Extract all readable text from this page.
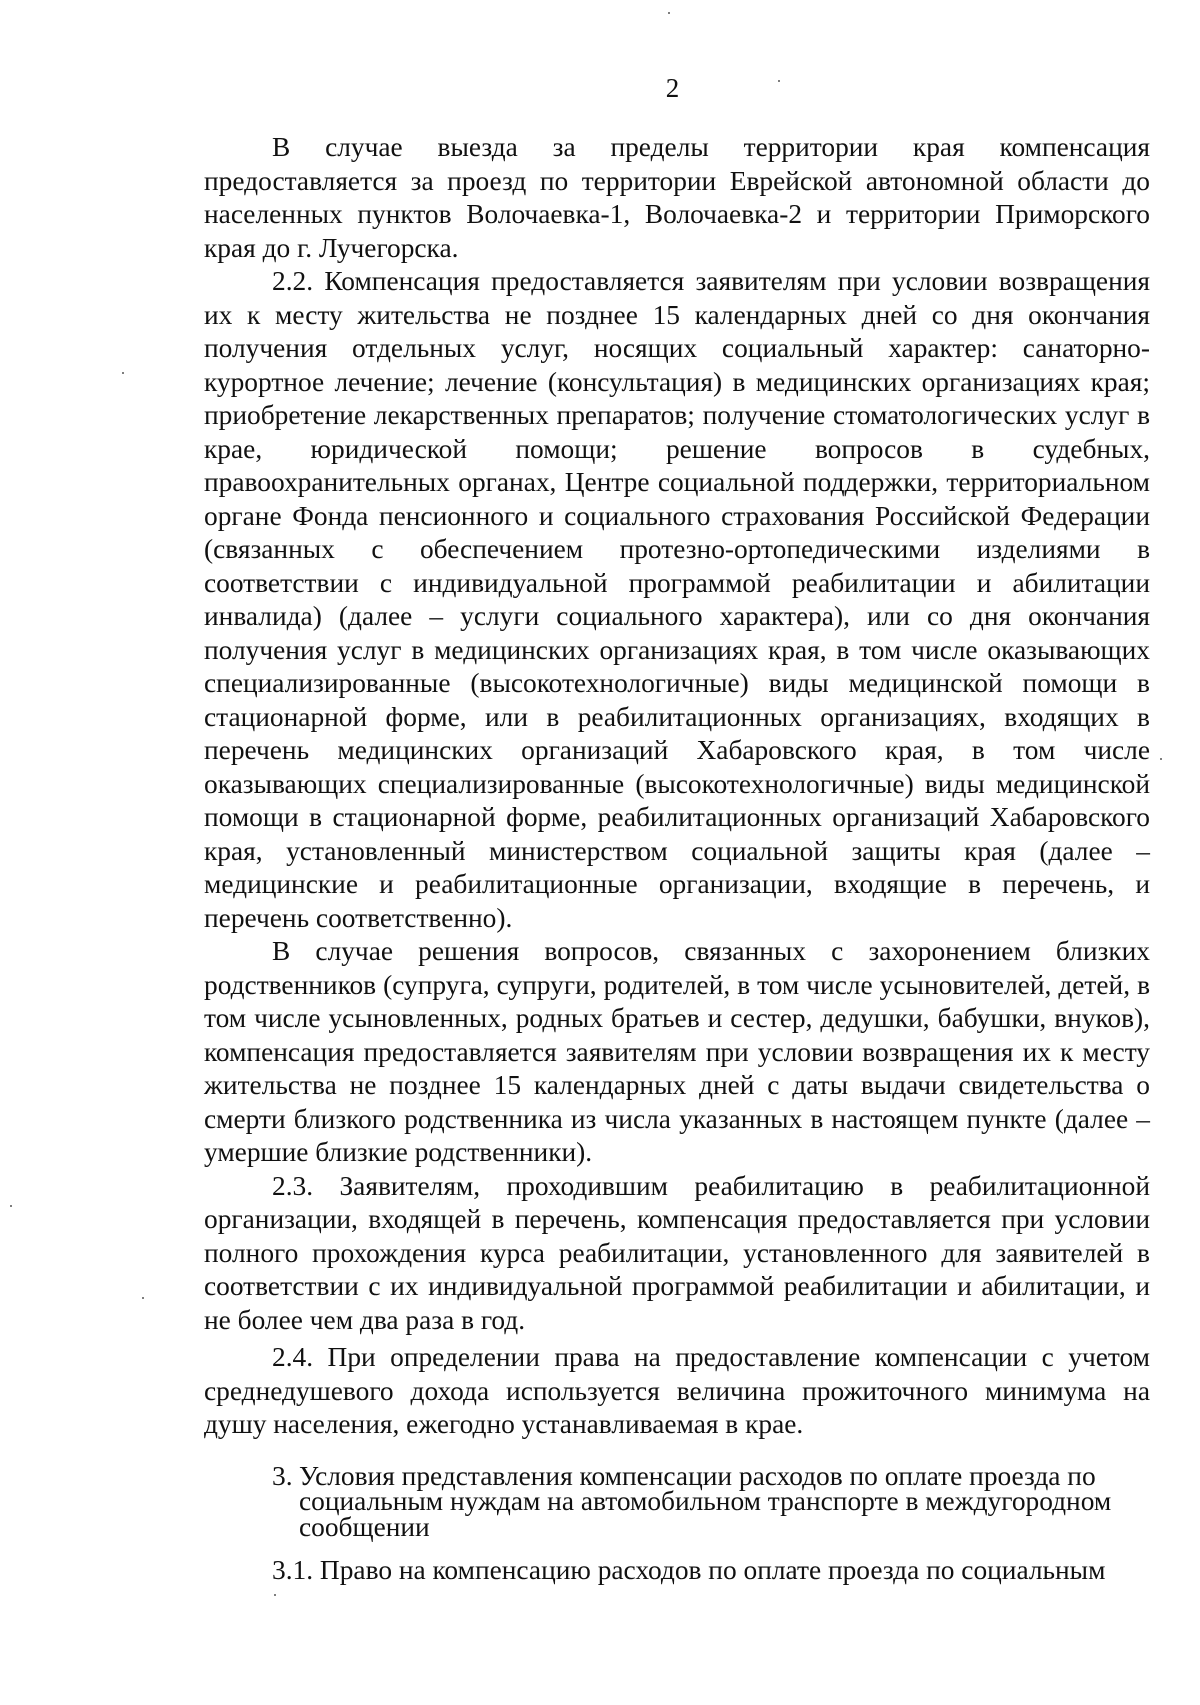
2

В случае выезда за пределы территории края компенсация предоставляется за проезд по территории Еврейской автономной области до населенных пунктов Волочаевка-1, Волочаевка-2 и территории Приморского края до г. Лучегорска.

2.2. Компенсация предоставляется заявителям при условии возвращения их к месту жительства не позднее 15 календарных дней со дня окончания получения отдельных услуг, носящих социальный характер: санаторно-курортное лечение; лечение (консультация) в медицинских организациях края; приобретение лекарственных препаратов; получение стоматологических услуг в крае, юридической помощи; решение вопросов в судебных, правоохранительных органах, Центре социальной поддержки, территориальном органе Фонда пенсионного и социального страхования Российской Федерации (связанных с обеспечением протезно-ортопедическими изделиями в соответствии с индивидуальной программой реабилитации и абилитации инвалида) (далее – услуги социального характера), или со дня окончания получения услуг в медицинских организациях края, в том числе оказывающих специализированные (высокотехнологичные) виды медицинской помощи в стационарной форме, или в реабилитационных организациях, входящих в перечень медицинских организаций Хабаровского края, в том числе оказывающих специализированные (высокотехнологичные) виды медицинской помощи в стационарной форме, реабилитационных организаций Хабаровского края, установленный министерством социальной защиты края (далее – медицинские и реабилитационные организации, входящие в перечень, и перечень соответственно).

В случае решения вопросов, связанных с захоронением близких родственников (супруга, супруги, родителей, в том числе усыновителей, детей, в том числе усыновленных, родных братьев и сестер, дедушки, бабушки, внуков), компенсация предоставляется заявителям при условии возвращения их к месту жительства не позднее 15 календарных дней с даты выдачи свидетельства о смерти близкого родственника из числа указанных в настоящем пункте (далее – умершие близкие родственники).

2.3. Заявителям, проходившим реабилитацию в реабилитационной организации, входящей в перечень, компенсация предоставляется при условии полного прохождения курса реабилитации, установленного для заявителей в соответствии с их индивидуальной программой реабилитации и абилитации, и не более чем два раза в год.

2.4. При определении права на предоставление компенсации с учетом среднедушевого дохода используется величина прожиточного минимума на душу населения, ежегодно устанавливаемая в крае.

3. Условия представления компенсации расходов по оплате проезда по социальным нуждам на автомобильном транспорте в междугородном сообщении

3.1. Право на компенсацию расходов по оплате проезда по социальным
